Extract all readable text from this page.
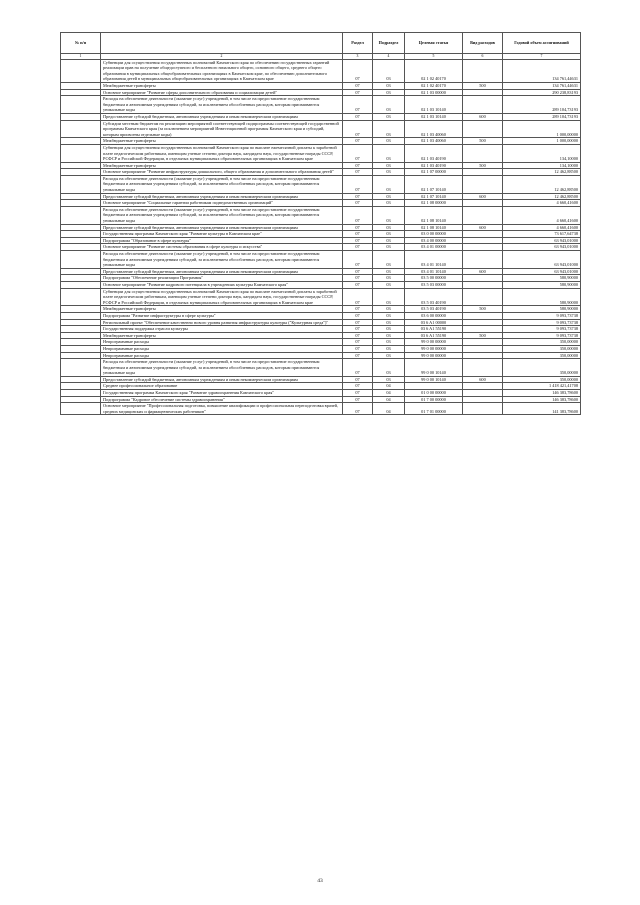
№ п/п		Раздел	Подраздел	Целевая статья	Вид расходов	Годовой объем ассигнований
1	2	3	4	5	6	7
	Субвенции для осуществления государственных полномочий Камчатского края по обеспечению государственных гарантий реализации прав на получение общедоступного и бесплатного начального общего, основного общего, среднего общего образования в муниципальных общеобразовательных организациях в Камчатском крае, по обеспечению дополнительного образования детей в муниципальных общеобразовательных организациях в Камчатском крае	07	03	02 1 02 40170		134 761,44631
	Межбюджетные трансферты	07	03	02 1 02 40170	500	134 761,44631
	Основное мероприятие "Развитие сферы дополнительного образования и социализации детей"	07	03	02 1 03 00000		290 238,83193
	Расходы на обеспечение деятельности (оказание услуг) учреждений, в том числе на предоставление государственным бюджетным и автономным учреждениям субсидий, за исключением обособленных расходов, которым присваиваются уникальные коды	07	03	02 1 03 10140		289 104,73193
	Предоставление субсидий бюджетным, автономным учреждениям и иным некоммерческим организациям	07	03	02 1 03 10140	600	289 104,73193
	Субсидии местным бюджетам на реализацию мероприятий соответствующей подпрограммы соответствующей государственной программы Камчатского края (за исключением мероприятий Инвестиционной программы Камчатского края и субсидий, которым присвоены отдельные коды)	07	03	02 1 03 40060		1 000,00000
	Межбюджетные трансферты	07	03	02 1 03 40060	500	1 000,00000
	Субвенции для осуществления государственных полномочий Камчатского края по выплате ежемесячной доплаты к заработной плате педагогическим работникам, имеющим ученые степени доктора наук, кандидата наук, государственные награды СССР, РСФСР и Российской Федерации, в отдельных муниципальных образовательных организациях в Камчатском крае	07	03	02 1 03 40190		134,10000
	Межбюджетные трансферты	07	03	02 1 03 40190	500	134,10000
	Основное мероприятие "Развитие инфраструктуры дошкольного, общего образования и дополнительного образования детей"	07	03	02 1 07 00000		12 462,88500
	Расходы на обеспечение деятельности (оказание услуг) учреждений, в том числе на предоставление государственным бюджетным и автономным учреждениям субсидий, за исключением обособленных расходов, которым присваиваются уникальные коды	07	03	02 1 07 10140		12 462,88500
	Предоставление субсидий бюджетным, автономным учреждениям и иным некоммерческим организациям	07	03	02 1 07 10140	600	12 462,88500
	Основное мероприятие "Социальные гарантии работникам подведомственных организаций"	07	03	02 1 08 00000		4 660,41600
	Расходы на обеспечение деятельности (оказание услуг) учреждений, в том числе на предоставление государственным бюджетным и автономным учреждениям субсидий, за исключением обособленных расходов, которым присваиваются уникальные коды	07	03	02 1 08 10140		4 660,41600
	Предоставление субсидий бюджетным, автономным учреждениям и иным некоммерческим организациям	07	03	02 1 08 10140	600	4 660,41600
	Государственная программа Камчатского края "Развитие культуры в Камчатском крае"	07	03	03 0 00 00000		73 617,64738
	Подпрограмма "Образование в сфере культуры"	07	03	03 4 00 00000		63 943,01000
	Основное мероприятие "Развитие системы образования в сфере культуры и искусства"	07	03	03 4 01 00000		63 943,01000
	Расходы на обеспечение деятельности (оказание услуг) учреждений, в том числе на предоставление государственным бюджетным и автономным учреждениям субсидий, за исключением обособленных расходов, которым присваиваются уникальные коды	07	03	03 4 01 10140		63 943,01000
	Предоставление субсидий бюджетным, автономным учреждениям и иным некоммерческим организациям	07	03	03 4 01 10140	600	63 943,01000
	Подпрограмма "Обеспечение реализации Программы"	07	03	03 5 00 00000		580,90000
	Основное мероприятие "Развитие кадрового потенциала в учреждениях культуры Камчатского края"	07	03	03 5 03 00000		580,90000
	Субвенции для осуществления государственных полномочий Камчатского края по выплате ежемесячной доплаты к заработной плате педагогическим работникам, имеющим ученые степени доктора наук, кандидата наук, государственные награды СССР, РСФСР и Российской Федерации, в отдельных муниципальных образовательных организациях в Камчатском крае	07	03	03 5 03 40190		580,90000
	Межбюджетные трансферты	07	03	03 5 03 40190	500	580,90000
	Подпрограмма "Развитие инфраструктуры в сфере культуры"	07	03	03 6 00 00000		9 093,73738
	Региональный проект "Обеспечение качественно нового уровня развития инфраструктуры культуры ("Культурная среда")"	07	03	03 6 A1 00000		9 093,73738
	Государственная поддержка отрасли культуры	07	03	03 6 A1 55190		9 093,73738
	Межбюджетные трансферты	07	03	03 6 A1 55190	500	9 093,73738
	Непрограммные расходы	07	03	99 0 00 00000		350,00000
	Непрограммные расходы	07	03	99 0 00 00000		350,00000
	Непрограммные расходы	07	03	99 0 00 00000		350,00000
	Расходы на обеспечение деятельности (оказание услуг) учреждений, в том числе на предоставление государственным бюджетным и автономным учреждениям субсидий, за исключением обособленных расходов, которым присваиваются уникальные коды	07	03	99 0 00 10140		350,00000
	Предоставление субсидий бюджетным, автономным учреждениям и иным некоммерческим организациям	07	03	99 0 00 10140	600	350,00000
	Среднее профессиональное образование	07	04			1 418 421,41708
	Государственная программа Камчатского края "Развитие здравоохранения Камчатского края"	07	04	01 0 00 00000		146 383,78600
	Подпрограмма "Кадровое обеспечение системы здравоохранения"	07	04	01 7 00 00000		146 383,78600
	Основное мероприятие "Профессиональная подготовка, повышение квалификации и профессиональная переподготовка врачей, средних медицинских и фармацевтических работников"	07	04	01 7 01 00000		141 383,78600
43
